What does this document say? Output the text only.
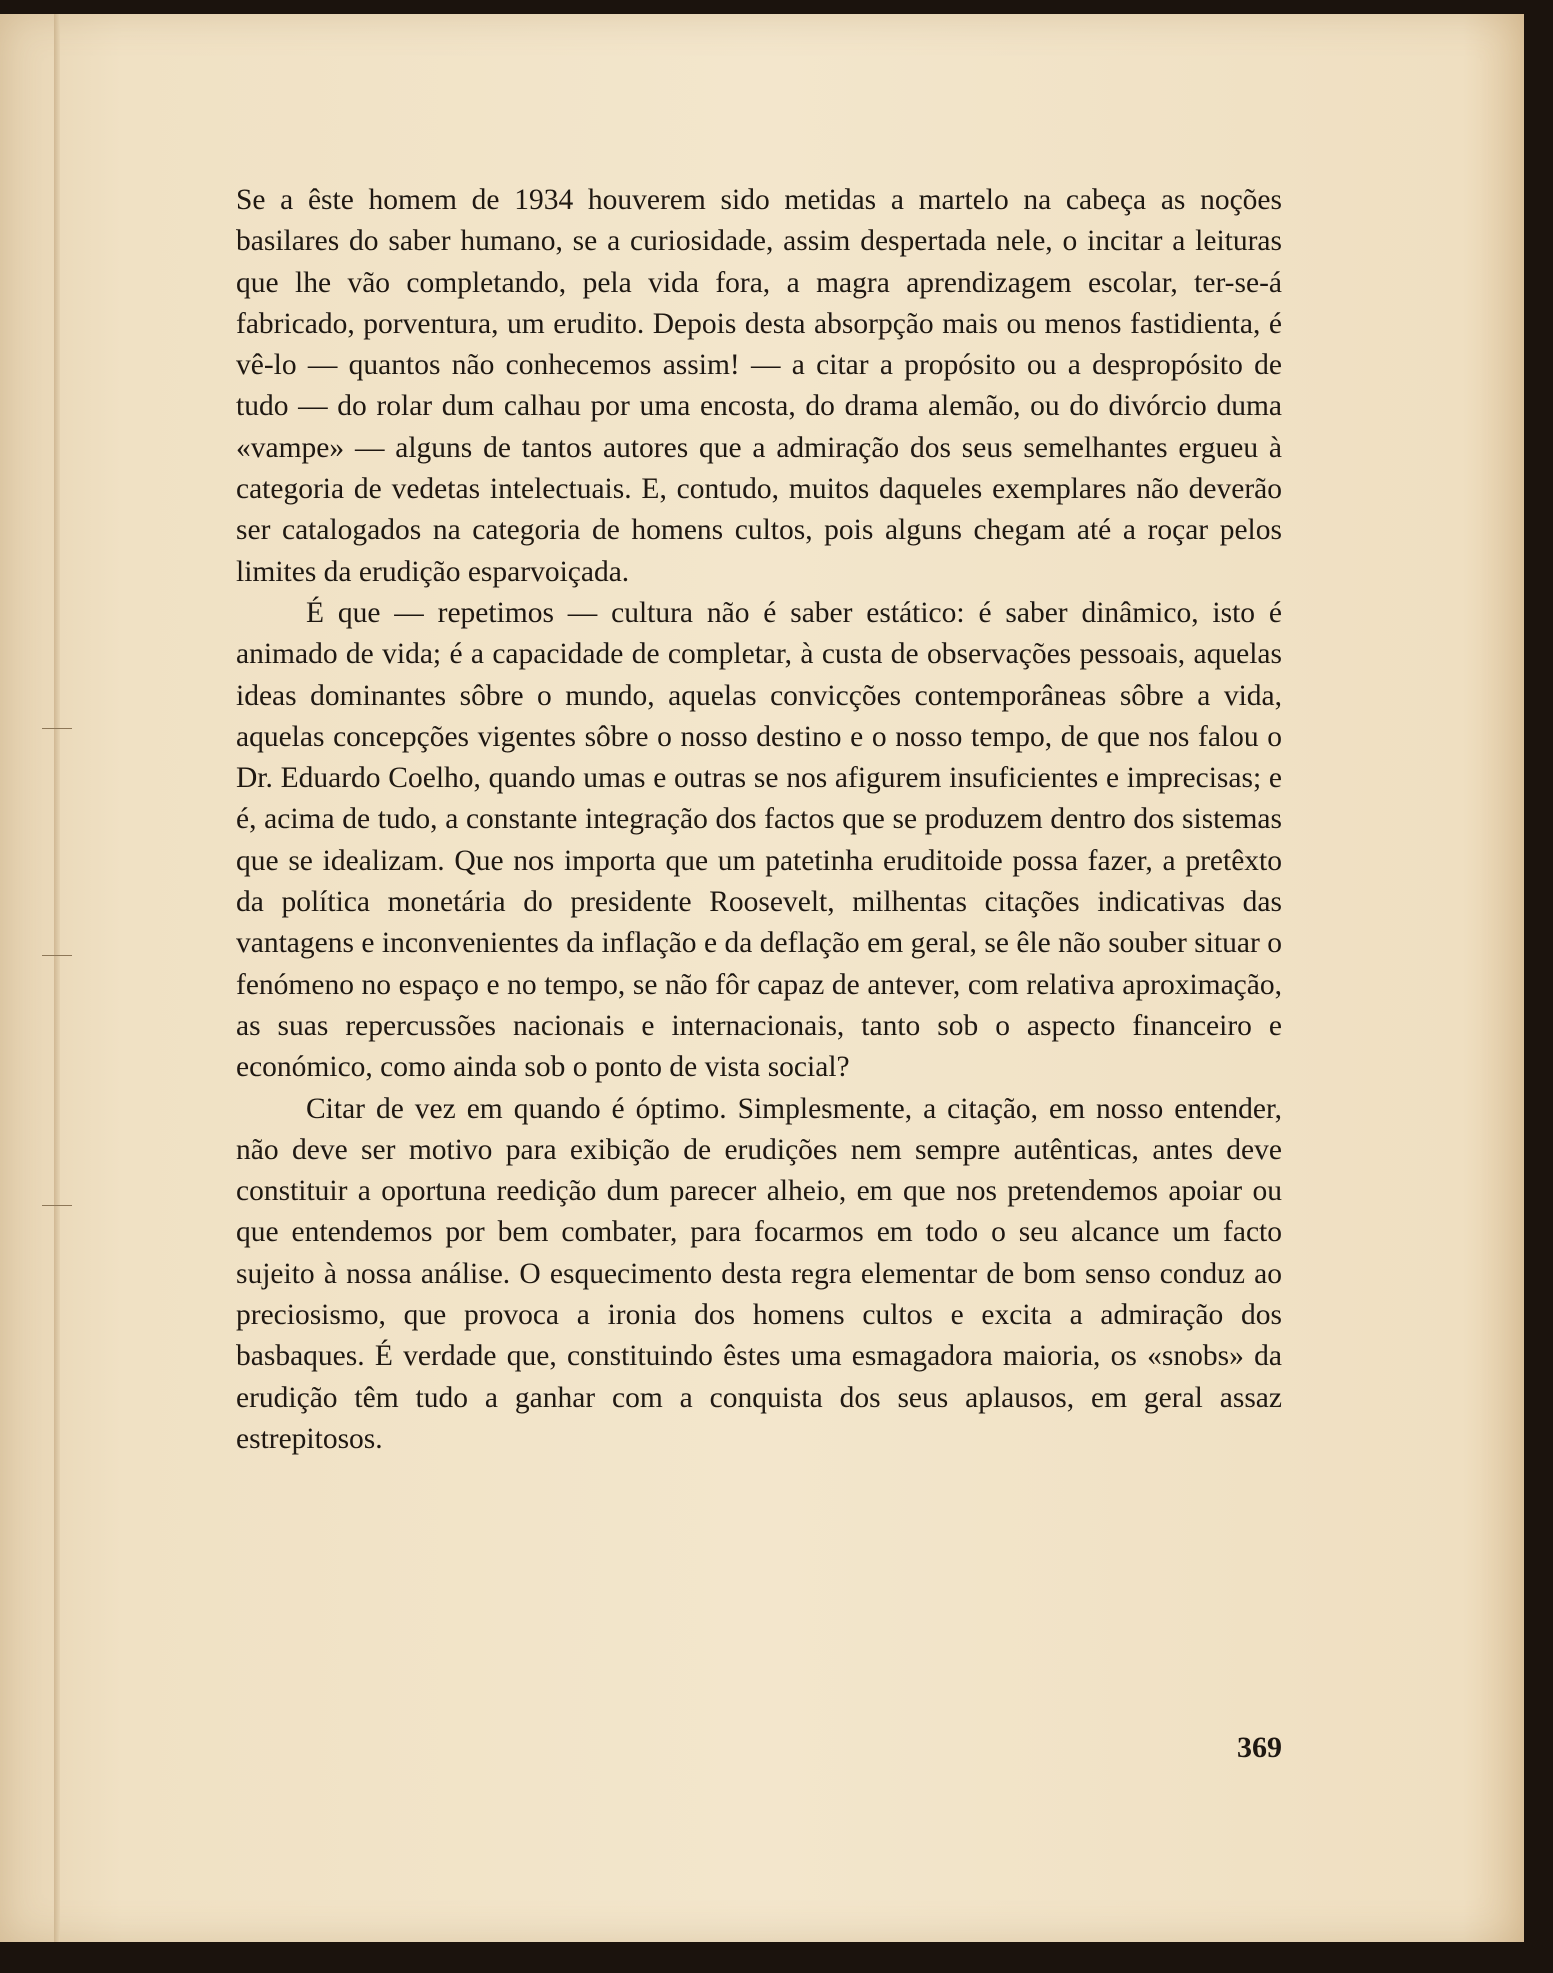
Se a êste homem de 1934 houverem sido metidas a martelo na cabeça as noções basilares do saber humano, se a curiosidade, assim despertada nele, o incitar a leituras que lhe vão completando, pela vida fora, a magra aprendizagem escolar, ter-se-á fabricado, porventura, um erudito. Depois desta absorpção mais ou menos fastidienta, é vê-lo — quantos não conhecemos assim! — a citar a propósito ou a despropósito de tudo — do rolar dum calhau por uma encosta, do drama alemão, ou do divórcio duma «vampe» — alguns de tantos autores que a admiração dos seus semelhantes ergueu à categoria de vedetas intelectuais. E, contudo, muitos daqueles exemplares não deverão ser catalogados na categoria de homens cultos, pois alguns chegam até a roçar pelos limites da erudição esparvoiçada.

É que — repetimos — cultura não é saber estático: é saber dinâmico, isto é animado de vida; é a capacidade de completar, à custa de observações pessoais, aquelas ideas dominantes sôbre o mundo, aquelas convicções contemporâneas sôbre a vida, aquelas concepções vigentes sôbre o nosso destino e o nosso tempo, de que nos falou o Dr. Eduardo Coelho, quando umas e outras se nos afigurem insuficientes e imprecisas; e é, acima de tudo, a constante integração dos factos que se produzem dentro dos sistemas que se idealizam. Que nos importa que um patetinha eruditoide possa fazer, a pretêxto da política monetária do presidente Roosevelt, milhentas citações indicativas das vantagens e inconvenientes da inflação e da deflação em geral, se êle não souber situar o fenómeno no espaço e no tempo, se não fôr capaz de antever, com relativa aproximação, as suas repercussões nacionais e internacionais, tanto sob o aspecto financeiro e económico, como ainda sob o ponto de vista social?

Citar de vez em quando é óptimo. Simplesmente, a citação, em nosso entender, não deve ser motivo para exibição de erudições nem sempre autênticas, antes deve constituir a oportuna reedição dum parecer alheio, em que nos pretendemos apoiar ou que entendemos por bem combater, para focarmos em todo o seu alcance um facto sujeito à nossa análise. O esquecimento desta regra elementar de bom senso conduz ao preciosismo, que provoca a ironia dos homens cultos e excita a admiração dos basbaques. É verdade que, constituindo êstes uma esmagadora maioria, os «snobs» da erudição têm tudo a ganhar com a conquista dos seus aplausos, em geral assaz estrepitosos.

369
